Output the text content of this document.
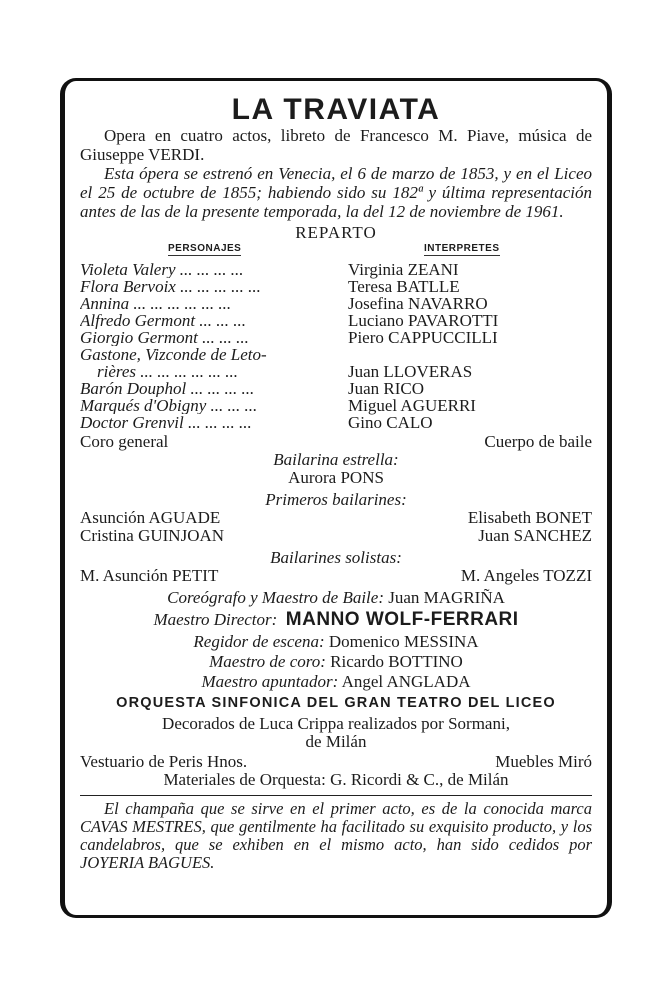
LA TRAVIATA

Opera en cuatro actos, libreto de Francesco M. Piave, música de Giuseppe VERDI.

Esta ópera se estrenó en Venecia, el 6 de marzo de 1853, y en el Liceo el 25 de octubre de 1855; habiendo sido su 182ª y última representación antes de las de la presente temporada, la del 12 de noviembre de 1961.

REPARTO
PERSONAJES	INTERPRETES
Violeta Valery ... ... ... ...	Virginia ZEANI
Flora Bervoix ... ... ... ... ...	Teresa BATLLE
Annina ... ... ... ... ... ...	Josefina NAVARRO
Alfredo Germont ... ... ...	Luciano PAVAROTTI
Giorgio Germont ... ... ...	Piero CAPPUCCILLI
Gastone, Vizconde de Leto-
rières ... ... ... ... ... ...	Juan LLOVERAS
Barón Douphol ... ... ... ...	Juan RICO
Marqués d'Obigny ... ... ...	Miguel AGUERRI
Doctor Grenvil ... ... ... ...	Gino CALO
Coro general	Cuerpo de baile
Bailarina estrella:
Aurora PONS
Primeros bailarines:
Asunción AGUADE	Elisabeth BONET
Cristina GUINJOAN	Juan SANCHEZ
Bailarines solistas:
M. Asunción PETIT	M. Angeles TOZZI
Coreógrafo y Maestro de Baile: Juan MAGRIÑA
Maestro Director: MANNO WOLF-FERRARI
Regidor de escena: Domenico MESSINA
Maestro de coro: Ricardo BOTTINO
Maestro apuntador: Angel ANGLADA
ORQUESTA SINFONICA DEL GRAN TEATRO DEL LICEO
Decorados de Luca Crippa realizados por Sormani,
de Milán
Vestuario de Peris Hnos.	Muebles Miró
Materiales de Orquesta: G. Ricordi & C., de Milán

El champaña que se sirve en el primer acto, es de la conocida marca CAVAS MESTRES, que gentilmente ha facilitado su exquisito producto, y los candelabros, que se exhiben en el mismo acto, han sido cedidos por JOYERIA BAGUES.
